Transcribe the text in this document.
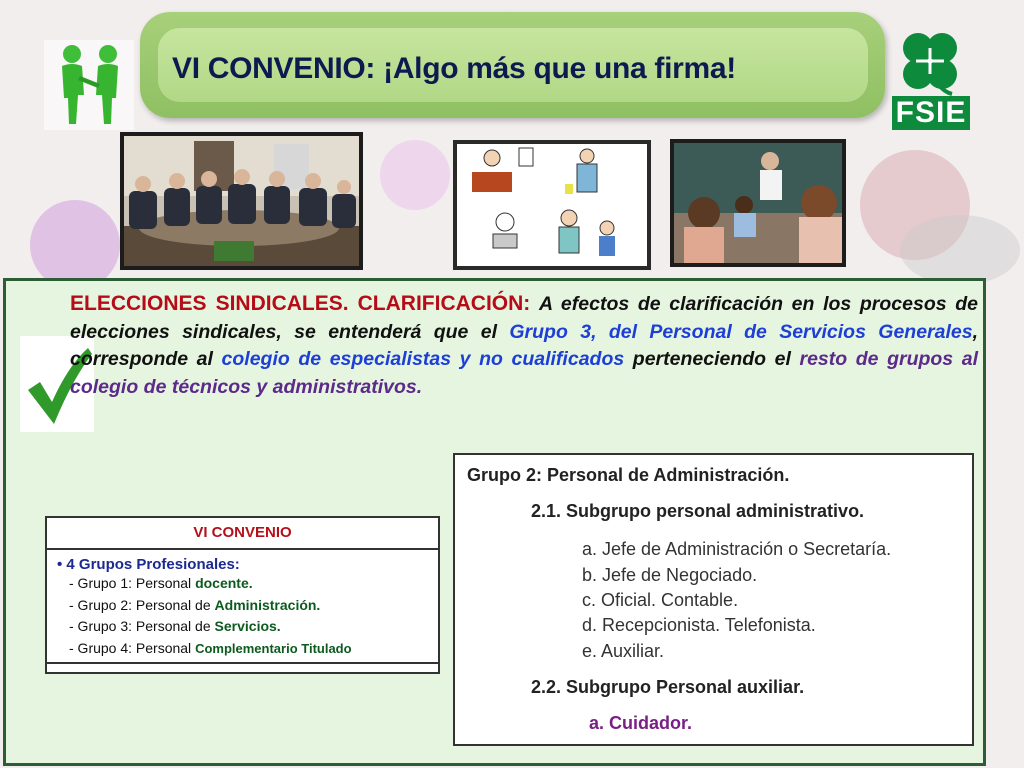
VI CONVENIO: ¡Algo más que una firma!
FSIE
ELECCIONES SINDICALES. CLARIFICACIÓN: A efectos de clarificación en los procesos de elecciones sindicales, se entenderá que el Grupo 3, del Personal de Servicios Generales, corresponde al colegio de especialistas y no cualificados perteneciendo el resto de grupos al colegio de técnicos y administrativos.
VI CONVENIO
• 4 Grupos Profesionales:
- Grupo 1: Personal docente.
- Grupo 2: Personal de Administración.
- Grupo 3: Personal de Servicios.
- Grupo 4: Personal Complementario Titulado
Grupo 2: Personal de Administración.
2.1. Subgrupo personal administrativo.
a. Jefe de Administración o Secretaría.
b. Jefe de Negociado.
c. Oficial. Contable.
d. Recepcionista. Telefonista.
e. Auxiliar.
2.2. Subgrupo Personal auxiliar.
a. Cuidador.
